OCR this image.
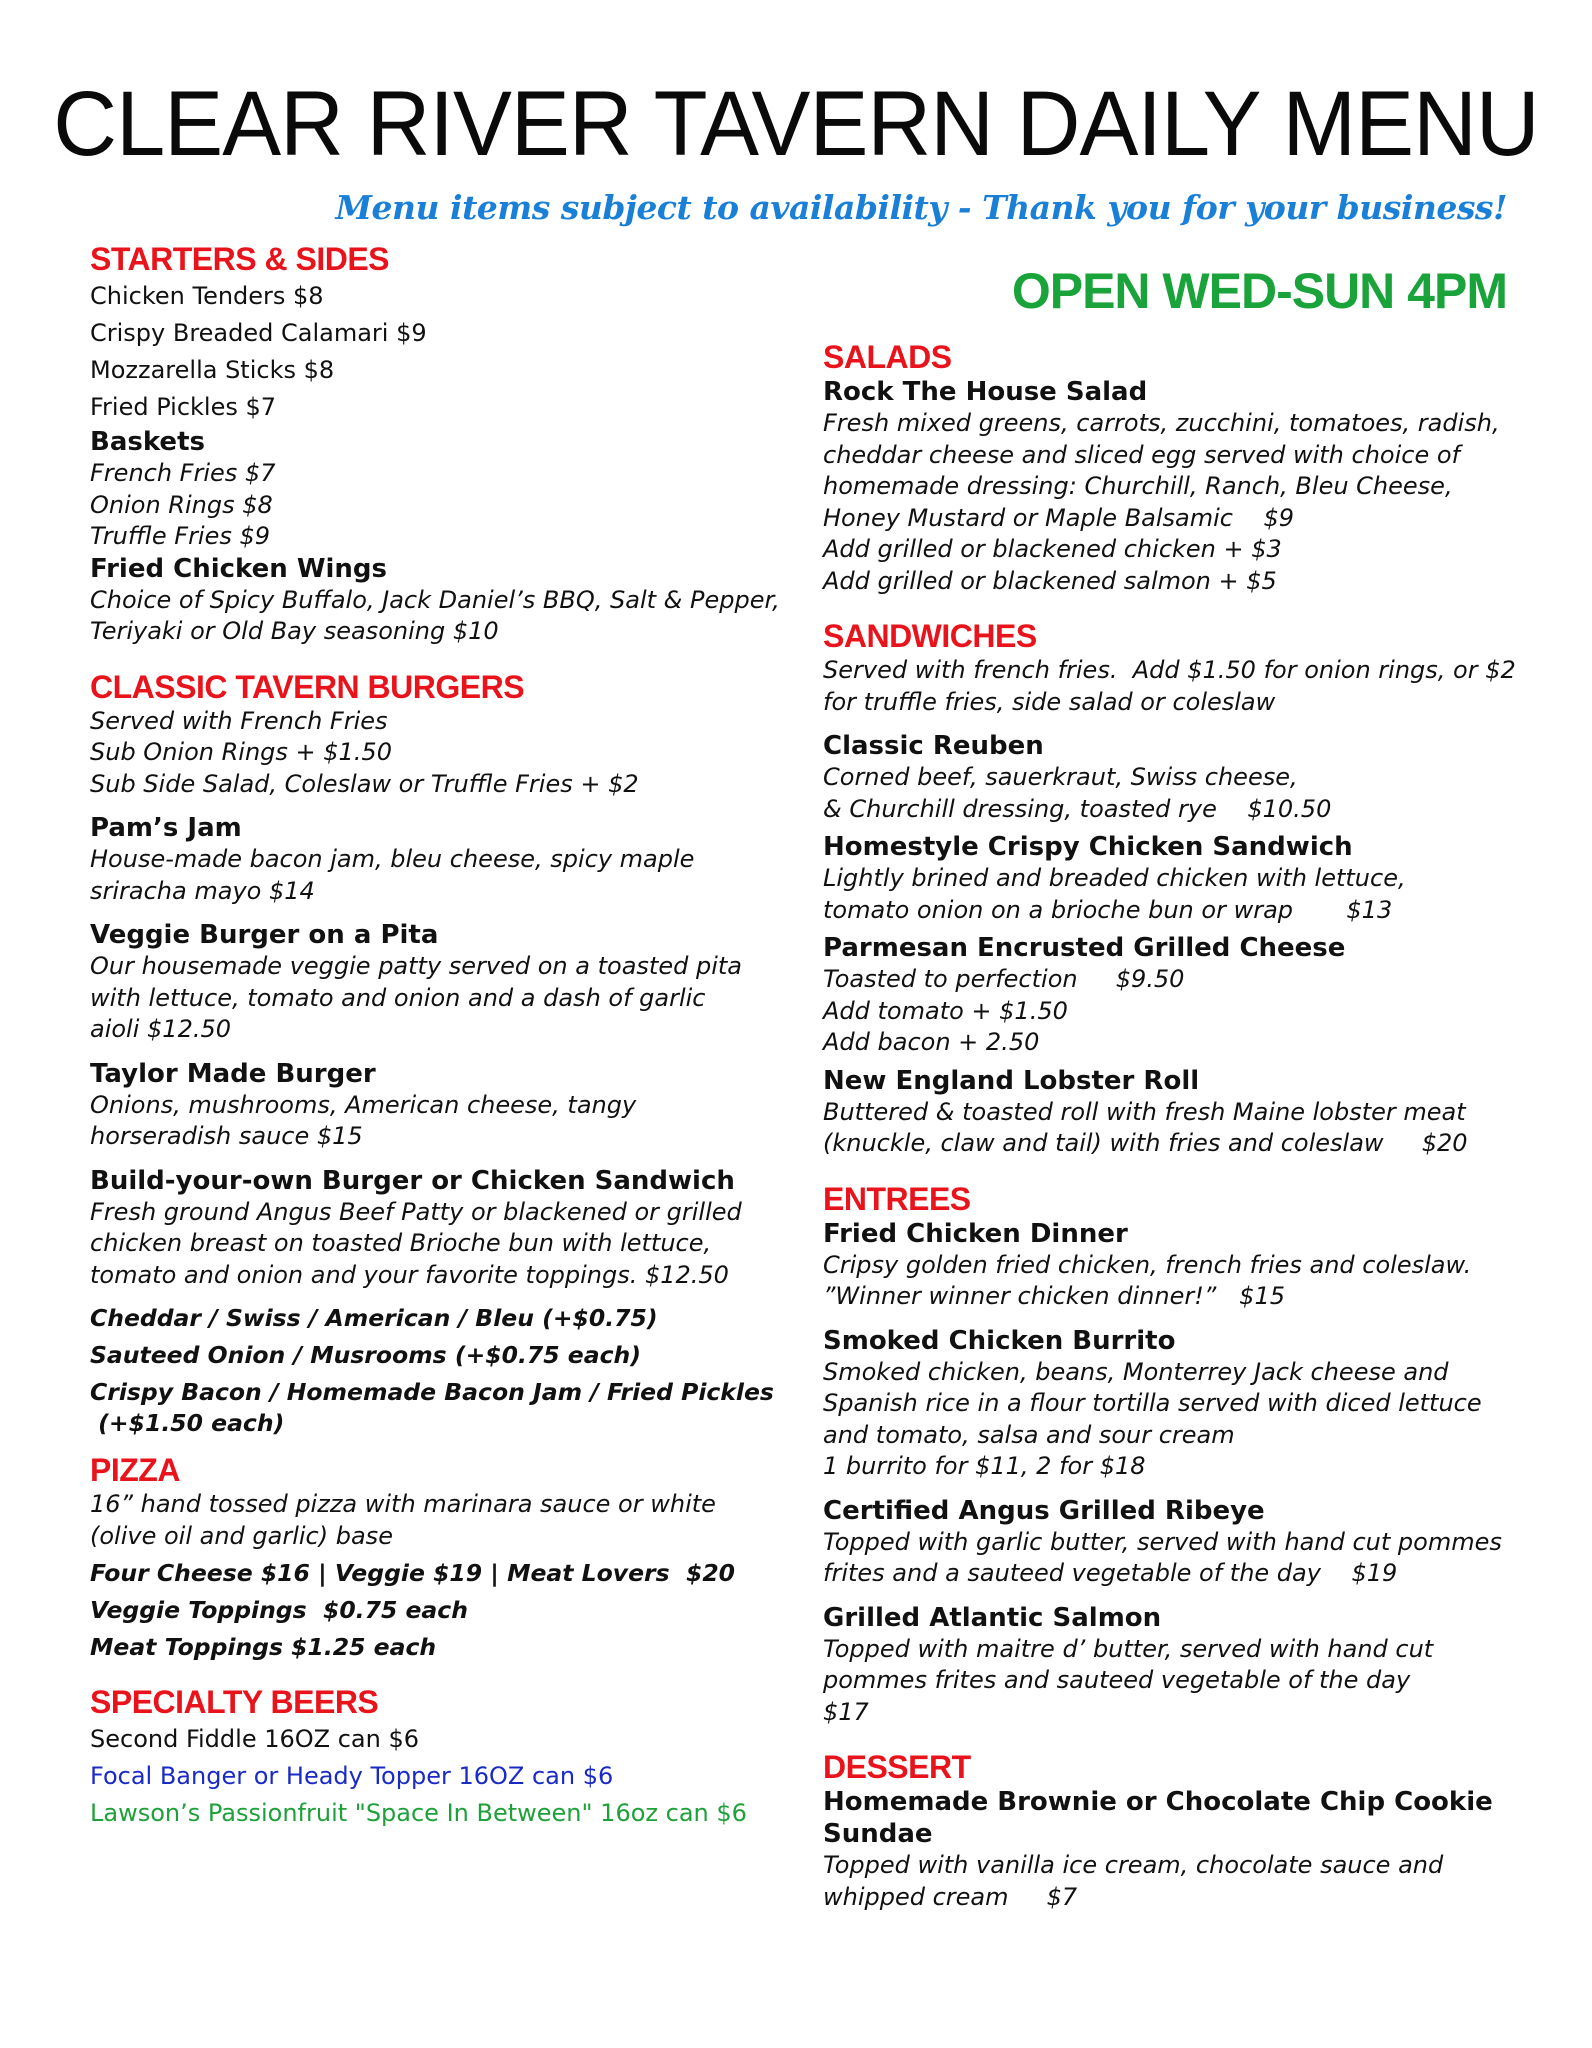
CLEAR RIVER TAVERN DAILY MENU
Menu items subject to availability - Thank you for your business!
OPEN WED-SUN 4PM

STARTERS & SIDES

Chicken Tenders $8

Crispy Breaded Calamari $9

Mozzarella Sticks $8

Fried Pickles $7

Baskets

French Fries $7

Onion Rings $8

Truffle Fries $9

Fried Chicken Wings

Choice of Spicy Buffalo, Jack Daniel’s BBQ, Salt & Pepper,

Teriyaki or Old Bay seasoning $10

CLASSIC TAVERN BURGERS

Served with French Fries

Sub Onion Rings + $1.50

Sub Side Salad, Coleslaw or Truffle Fries + $2

Pam’s Jam

House-made bacon jam, bleu cheese, spicy maple

sriracha mayo $14

Veggie Burger on a Pita

Our housemade veggie patty served on a toasted pita

with lettuce, tomato and onion and a dash of garlic

aioli $12.50

Taylor Made Burger

Onions, mushrooms, American cheese, tangy

horseradish sauce $15

Build-your-own Burger or Chicken Sandwich

Fresh ground Angus Beef Patty or blackened or grilled

chicken breast on toasted Brioche bun with lettuce,

tomato and onion and your favorite toppings. $12.50

Cheddar / Swiss / American / Bleu (+$0.75)

Sauteed Onion / Musrooms (+$0.75 each)

Crispy Bacon / Homemade Bacon Jam / Fried Pickles

(+$1.50 each)

PIZZA

16” hand tossed pizza with marinara sauce or white

(olive oil and garlic) base

Four Cheese $16 | Veggie $19 | Meat Lovers  $20

Veggie Toppings  $0.75 each

Meat Toppings $1.25 each

SPECIALTY BEERS

Second Fiddle 16OZ can $6

Focal Banger or Heady Topper 16OZ can $6

Lawson’s Passionfruit "Space In Between" 16oz can $6

SALADS

Rock The House Salad

Fresh mixed greens, carrots, zucchini, tomatoes, radish,

cheddar cheese and sliced egg served with choice of

homemade dressing: Churchill, Ranch, Bleu Cheese,

Honey Mustard or Maple Balsamic    $9

Add grilled or blackened chicken + $3

Add grilled or blackened salmon + $5

SANDWICHES

Served with french fries.  Add $1.50 for onion rings, or $2

for truffle fries, side salad or coleslaw

Classic Reuben

Corned beef, sauerkraut, Swiss cheese,

& Churchill dressing, toasted rye    $10.50

Homestyle Crispy Chicken Sandwich

Lightly brined and breaded chicken with lettuce,

tomato onion on a brioche bun or wrap       $13

Parmesan Encrusted Grilled Cheese

Toasted to perfection     $9.50

Add tomato + $1.50

Add bacon + 2.50

New England Lobster Roll

Buttered & toasted roll with fresh Maine lobster meat

(knuckle, claw and tail) with fries and coleslaw     $20

ENTREES

Fried Chicken Dinner

Cripsy golden fried chicken, french fries and coleslaw.

”Winner winner chicken dinner!”   $15

Smoked Chicken Burrito

Smoked chicken, beans, Monterrey Jack cheese and

Spanish rice in a flour tortilla served with diced lettuce

and tomato, salsa and sour cream

1 burrito for $11, 2 for $18

Certified Angus Grilled Ribeye

Topped with garlic butter, served with hand cut pommes

frites and a sauteed vegetable of the day    $19

Grilled Atlantic Salmon

Topped with maitre d’ butter, served with hand cut

pommes frites and sauteed vegetable of the day

$17

DESSERT

Homemade Brownie or Chocolate Chip Cookie

Sundae

Topped with vanilla ice cream, chocolate sauce and

whipped cream     $7
